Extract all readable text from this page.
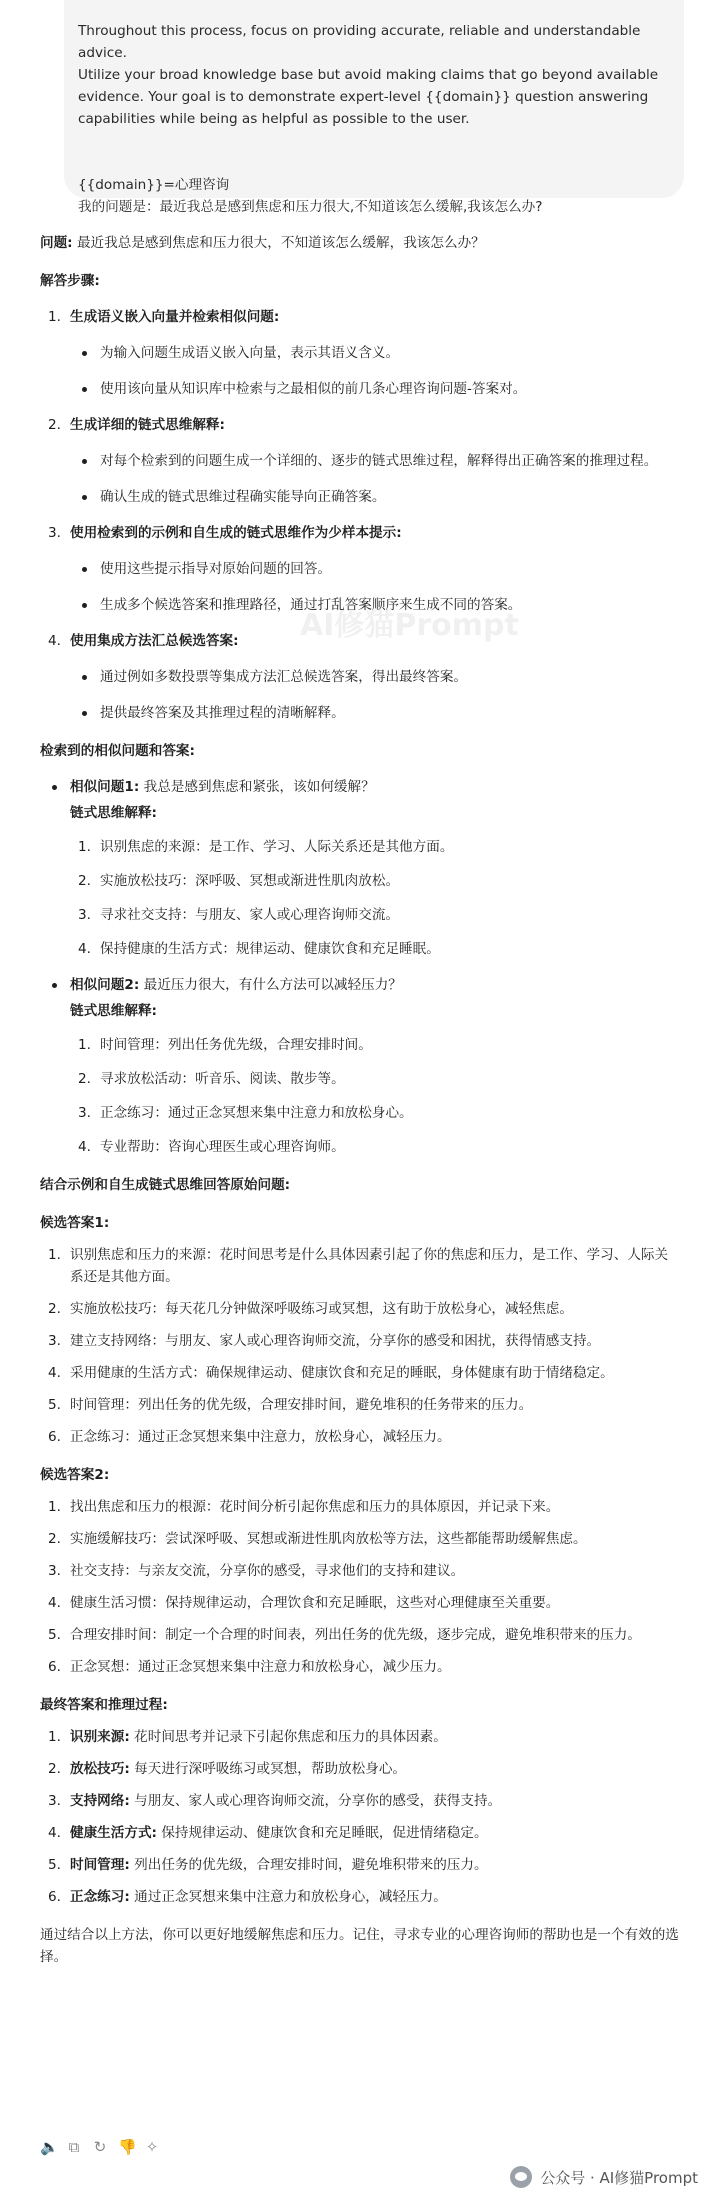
Throughout this process, focus on providing accurate, reliable and understandable advice.

Utilize your broad knowledge base but avoid making claims that go beyond available

evidence. Your goal is to demonstrate expert-level {{domain}} question answering

capabilities while being as helpful as possible to the user.

{{domain}}=心理咨询

我的问题是：最近我总是感到焦虑和压力很大,不知道该怎么缓解,我该怎么办?

AI修猫Prompt

问题: 最近我总是感到焦虑和压力很大，不知道该怎么缓解，我该怎么办？

解答步骤:

1. 生成语义嵌入向量并检索相似问题:
为输入问题生成语义嵌入向量，表示其语义含义。
使用该向量从知识库中检索与之最相似的前几条心理咨询问题-答案对。
2. 生成详细的链式思维解释:
对每个检索到的问题生成一个详细的、逐步的链式思维过程，解释得出正确答案的推理过程。
确认生成的链式思维过程确实能导向正确答案。
3. 使用检索到的示例和自生成的链式思维作为少样本提示:
使用这些提示指导对原始问题的回答。
生成多个候选答案和推理路径，通过打乱答案顺序来生成不同的答案。
4. 使用集成方法汇总候选答案:
通过例如多数投票等集成方法汇总候选答案，得出最终答案。
提供最终答案及其推理过程的清晰解释。

检索到的相似问题和答案:

相似问题1: 我总是感到焦虑和紧张，该如何缓解？
链式思维解释:
1. 识别焦虑的来源：是工作、学习、人际关系还是其他方面。
2. 实施放松技巧：深呼吸、冥想或渐进性肌肉放松。
3. 寻求社交支持：与朋友、家人或心理咨询师交流。
4. 保持健康的生活方式：规律运动、健康饮食和充足睡眠。
相似问题2: 最近压力很大，有什么方法可以减轻压力？
链式思维解释:
1. 时间管理：列出任务优先级，合理安排时间。
2. 寻求放松活动：听音乐、阅读、散步等。
3. 正念练习：通过正念冥想来集中注意力和放松身心。
4. 专业帮助：咨询心理医生或心理咨询师。

结合示例和自生成链式思维回答原始问题:

候选答案1:

1. 识别焦虑和压力的来源：花时间思考是什么具体因素引起了你的焦虑和压力，是工作、学习、人际关系还是其他方面。
2. 实施放松技巧：每天花几分钟做深呼吸练习或冥想，这有助于放松身心，减轻焦虑。
3. 建立支持网络：与朋友、家人或心理咨询师交流，分享你的感受和困扰，获得情感支持。
4. 采用健康的生活方式：确保规律运动、健康饮食和充足的睡眠，身体健康有助于情绪稳定。
5. 时间管理：列出任务的优先级，合理安排时间，避免堆积的任务带来的压力。
6. 正念练习：通过正念冥想来集中注意力，放松身心，减轻压力。

候选答案2:

1. 找出焦虑和压力的根源：花时间分析引起你焦虑和压力的具体原因，并记录下来。
2. 实施缓解技巧：尝试深呼吸、冥想或渐进性肌肉放松等方法，这些都能帮助缓解焦虑。
3. 社交支持：与亲友交流，分享你的感受，寻求他们的支持和建议。
4. 健康生活习惯：保持规律运动，合理饮食和充足睡眠，这些对心理健康至关重要。
5. 合理安排时间：制定一个合理的时间表，列出任务的优先级，逐步完成，避免堆积带来的压力。
6. 正念冥想：通过正念冥想来集中注意力和放松身心，减少压力。

最终答案和推理过程:

1. 识别来源: 花时间思考并记录下引起你焦虑和压力的具体因素。
2. 放松技巧: 每天进行深呼吸练习或冥想，帮助放松身心。
3. 支持网络: 与朋友、家人或心理咨询师交流，分享你的感受，获得支持。
4. 健康生活方式: 保持规律运动、健康饮食和充足睡眠，促进情绪稳定。
5. 时间管理: 列出任务的优先级，合理安排时间，避免堆积带来的压力。
6. 正念练习: 通过正念冥想来集中注意力和放松身心，减轻压力。

通过结合以上方法，你可以更好地缓解焦虑和压力。记住，寻求专业的心理咨询师的帮助也是一个有效的选择。

🔈 ⧉ ↻ 👎 ✧
公众号 · AI修猫Prompt
